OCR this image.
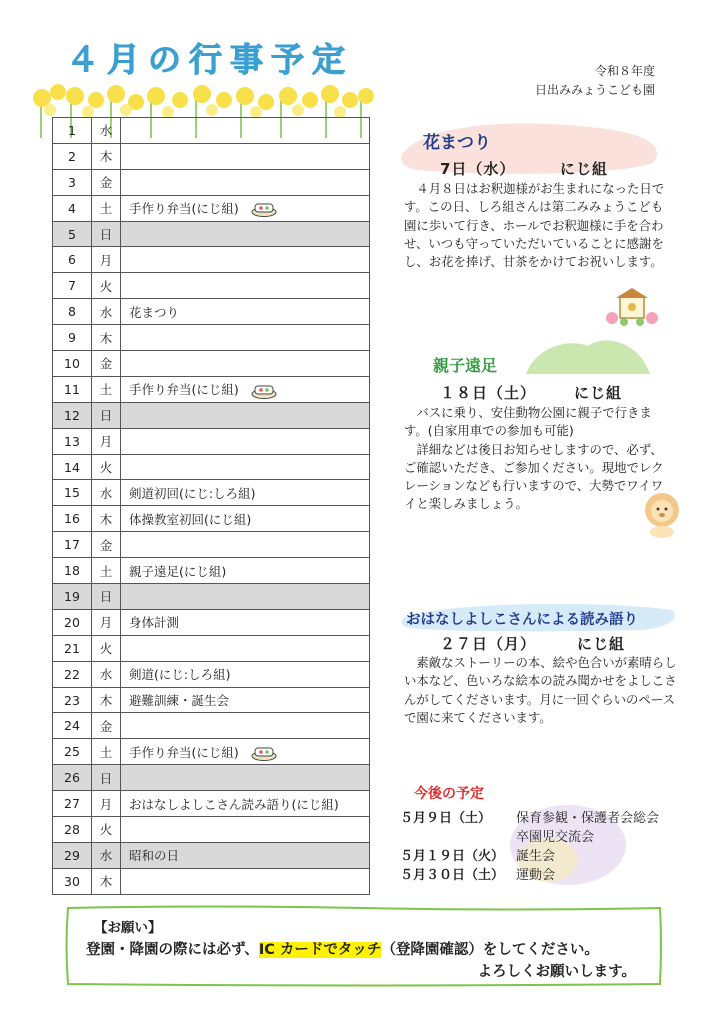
４月の行事予定	令和８年度
日出みみょうこども園
1	水	
2	木	
3	金	
4	土	手作り弁当(にじ組)
5	日	
6	月	
7	火	
8	水	花まつり
9	木	
10	金	
11	土	手作り弁当(にじ組)
12	日	
13	月	
14	火	
15	水	剣道初回(にじ:しろ組)
16	木	体操教室初回(にじ組)
17	金	
18	土	親子遠足(にじ組)
19	日	
20	月	身体計測
21	火	
22	水	剣道(にじ:しろ組)
23	木	避難訓練・誕生会
24	金	
25	土	手作り弁当(にじ組)
26	日	
27	月	おはなしよしこさん読み語り(にじ組)
28	火	
29	水	昭和の日
30	木	
花まつり
7日（水）	にじ組
　４月８日はお釈迦様がお生まれになった日です。この日、しろ組さんは第二みみょうこども園に歩いて行き、ホールでお釈迦様に手を合わせ、いつも守っていただいていることに感謝をし、お花を捧げ、甘茶をかけてお祝いします。
親子遠足
１８日（土）	にじ組
　バスに乗り、安住動物公園に親子で行きます。(自家用車での参加も可能)
　詳細などは後日お知らせしますので、必ず、ご確認いただき、ご参加ください。現地でレクレーションなども行いますので、大勢でワイワイと楽しみましょう。
おはなしよしこさんによる読み語り
２７日（月）	にじ組
　素敵なストーリーの本、絵や色合いが素晴らしい本など、色いろな絵本の読み聞かせをよしこさんがしてくださいます。月に一回ぐらいのペースで園に来てくださいます。
今後の予定
５月９日（土） 保育参観・保護者会総会
卒園児交流会
５月１９日（火） 誕生会
５月３０日（土） 運動会
【お願い】
登園・降園の際には必ず、IC カードでタッチ（登降園確認）をしてください。
よろしくお願いします。
